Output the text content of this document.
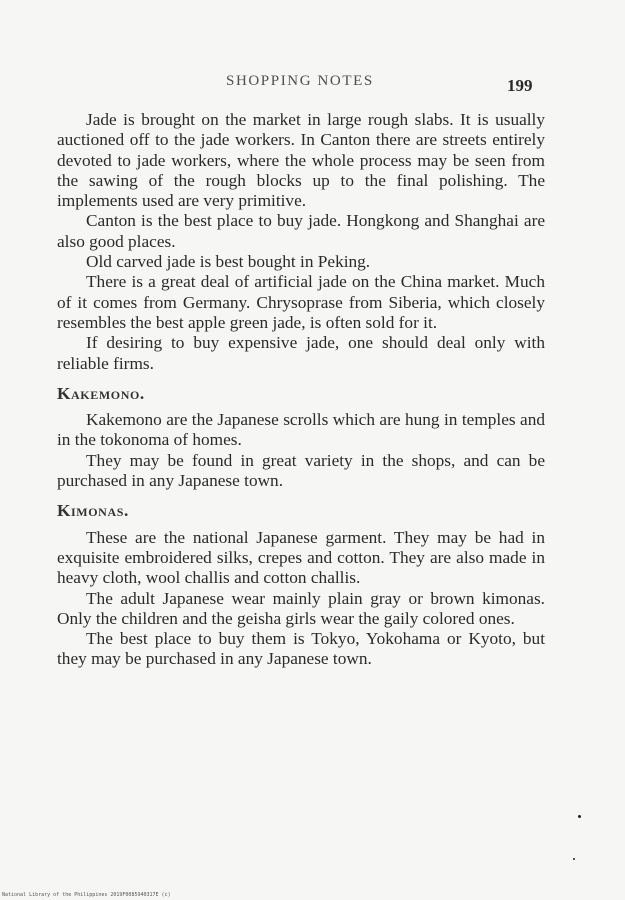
SHOPPING NOTES	199

Jade is brought on the market in large rough slabs. It is usually auctioned off to the jade workers. In Canton there are streets entirely devoted to jade workers, where the whole process may be seen from the sawing of the rough blocks up to the final polishing. The implements used are very primitive.

Canton is the best place to buy jade. Hongkong and Shanghai are also good places.

Old carved jade is best bought in Peking.

There is a great deal of artificial jade on the China market. Much of it comes from Germany. Chrysoprase from Siberia, which closely resembles the best apple green jade, is often sold for it.

If desiring to buy expensive jade, one should deal only with reliable firms.

Kakemono.

Kakemono are the Japanese scrolls which are hung in temples and in the tokonoma of homes.

They may be found in great variety in the shops, and can be purchased in any Japanese town.

Kimonas.

These are the national Japanese garment. They may be had in exquisite embroidered silks, crepes and cotton. They are also made in heavy cloth, wool challis and cotton challis.

The adult Japanese wear mainly plain gray or brown kimonas. Only the children and the geisha girls wear the gaily colored ones.

The best place to buy them is Tokyo, Yokohama or Kyoto, but they may be purchased in any Japanese town.

National Library of the Philippines 2019F0085940317E (c)
